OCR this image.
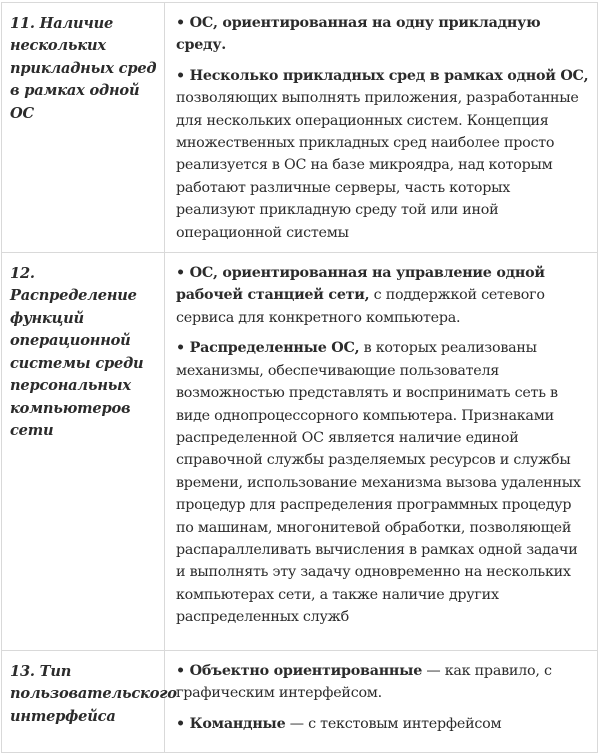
11. Наличие нескольких прикладных сред в рамках одной ОС	• ОС, ориентированная на одну прикладную среду.

• Несколько прикладных сред в рамках одной ОС, позволяющих выполнять приложения, разработанные для нескольких операционных систем. Концепция множественных прикладных сред наиболее просто реализуется в ОС на базе микроядра, над которым работают различные серверы, часть которых реализуют прикладную среду той или иной операционной системы

12. Распределение функций операционной системы среди персональных компьютеров сети	• ОС, ориентированная на управление одной рабочей станцией сети, с поддержкой сетевого сервиса для конкретного компьютера.

• Распределенные ОС, в которых реализованы механизмы, обеспечивающие пользователя возможностью представлять и воспринимать сеть в виде однопроцессорного компьютера. Признаками распределенной ОС является наличие единой справочной службы разделяемых ресурсов и службы времени, использование механизма вызова удаленных процедур для распределения программных процедур по машинам, многонитевой обработки, позволяющей распараллеливать вычисления в рамках одной задачи и выполнять эту задачу одновременно на нескольких компьютерах сети, а также наличие других распределенных служб

13. Тип пользовательского интерфейса	• Объектно ориентированные — как правило, с графическим интерфейсом.

• Командные — с текстовым интерфейсом
